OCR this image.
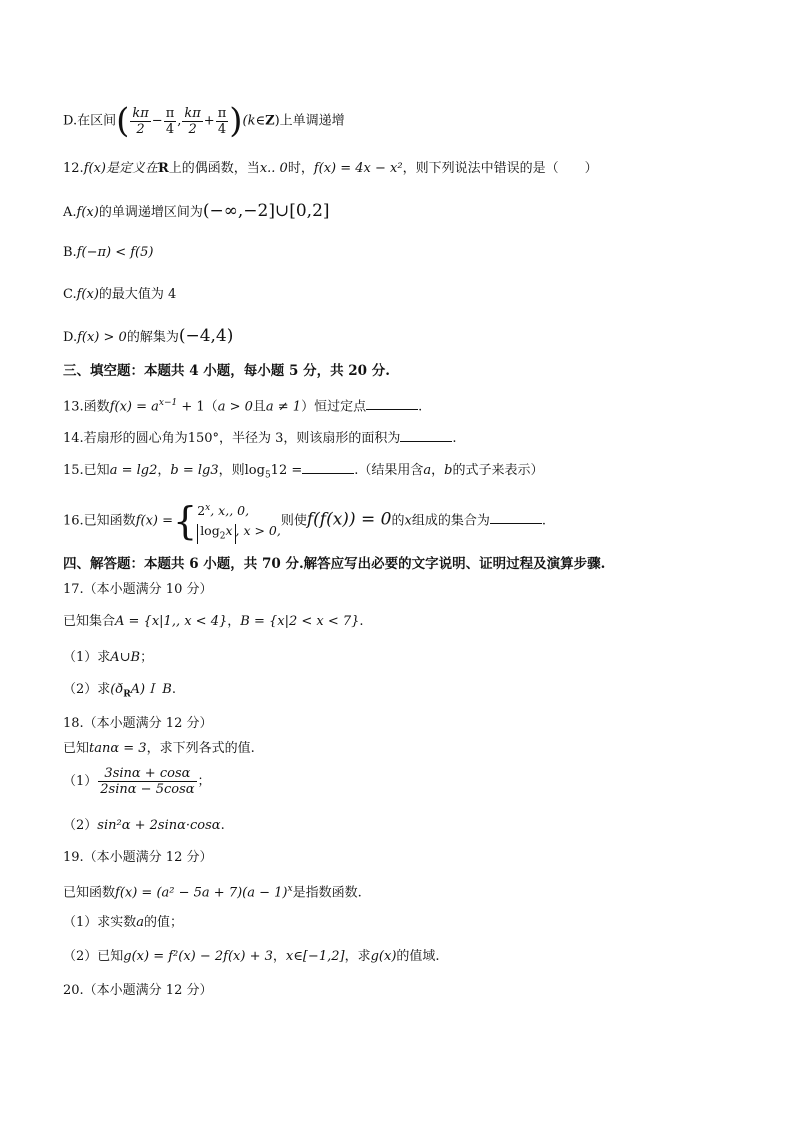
D.在区间( $\frac{k\pi}{2} - \frac{\pi}{4}$ , $\frac{k\pi}{2} + \frac{\pi}{4}$ )(k∈Z)上单调递增
12.f(x)是定义在R上的偶函数，当x.. 0时，f(x) = 4x − x²，则下列说法中错误的是（　　）
A.f(x)的单调递增区间为(−∞,−2]∪[0,2]
B.f(−π) < f(5)
C.f(x)的最大值为 4
D.f(x) > 0的解集为(−4,4)
三、填空题：本题共 4 小题，每小题 5 分，共 20 分.
13.函数$f(x) = a^{x-1} + 1(a > 0$且a ≠ 1）恒过定点	.
14.若扇形的圆心角为150°，半径为 3，则该扇形的面积为	.
15.已知a = lg2，b = lg3，则$\log_512$ =	.（结果用含a，b的式子来表示）
16.已知函数f(x) ={ 2$^x$, x,, 0,
$\log_2x$ , x > 0,
则使f(f(x)) = 0的x组成的集合为	.
四、解答题：本题共 6 小题，共 70 分.解答应写出必要的文字说明、证明过程及演算步骤.
17.（本小题满分 10 分）
已知集合A = {x|1,, x < 4}，B = {x|2 < x < 7}.
（1）求A∪B；
（2）求$(ð_RA)I$ B.
18.（本小题满分 12 分）
已知tanα = 3，求下列各式的值.
$(1) \frac{3\sin\alpha + \cos\alpha}{2\sin\alpha - 5\cos\alpha}$ ；
（2）sin²α + 2sinα·cosα.
19.（本小题满分 12 分）
已知函数$f(x) = (a^2 - 5a + 7)(a - 1)^x$是指数函数.
（1）求实数a的值；
（2）已知g(x) = f²(x) − 2f(x) + 3，x∈[−1,2]，求g(x)的值域.
20.（本小题满分 12 分）
